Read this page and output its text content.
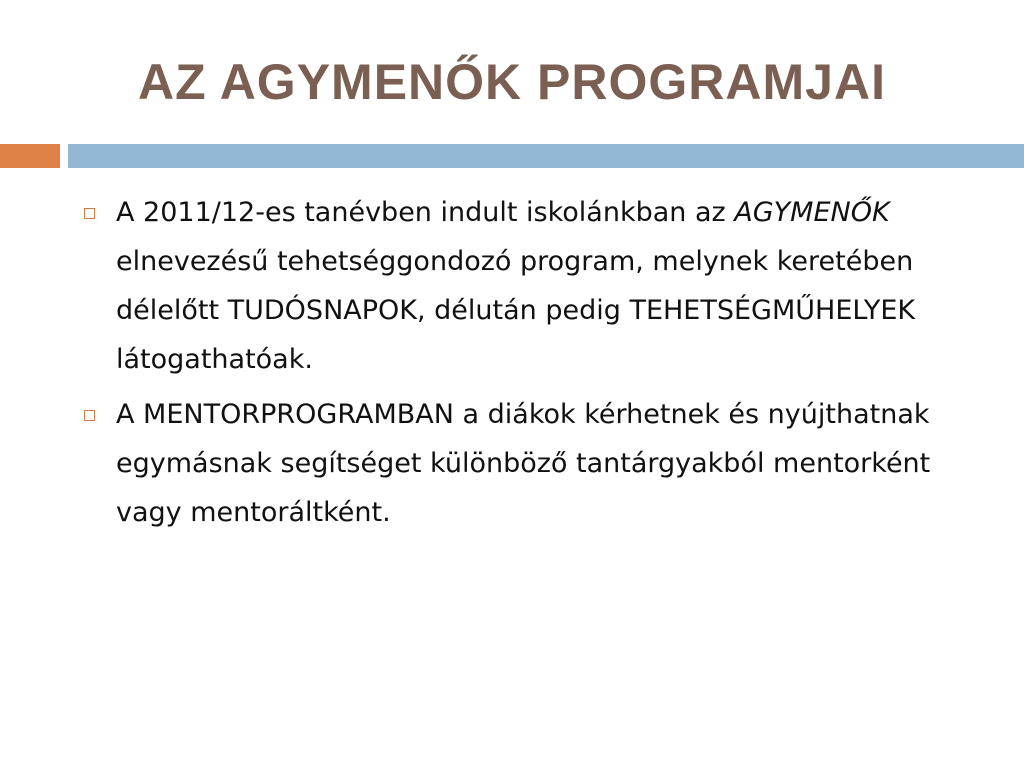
AZ AGYMENŐK PROGRAMJAI

A 2011/12-es tanévben indult iskolánkban az AGYMENŐK elnevezésű tehetséggondozó program, melynek keretében délelőtt TUDÓSNAPOK, délután pedig TEHETSÉGMŰHELYEK látogathatóak.

A MENTORPROGRAMBAN a diákok kérhetnek és nyújthatnak egymásnak segítséget különböző tantárgyakból mentorként vagy mentoráltként.
